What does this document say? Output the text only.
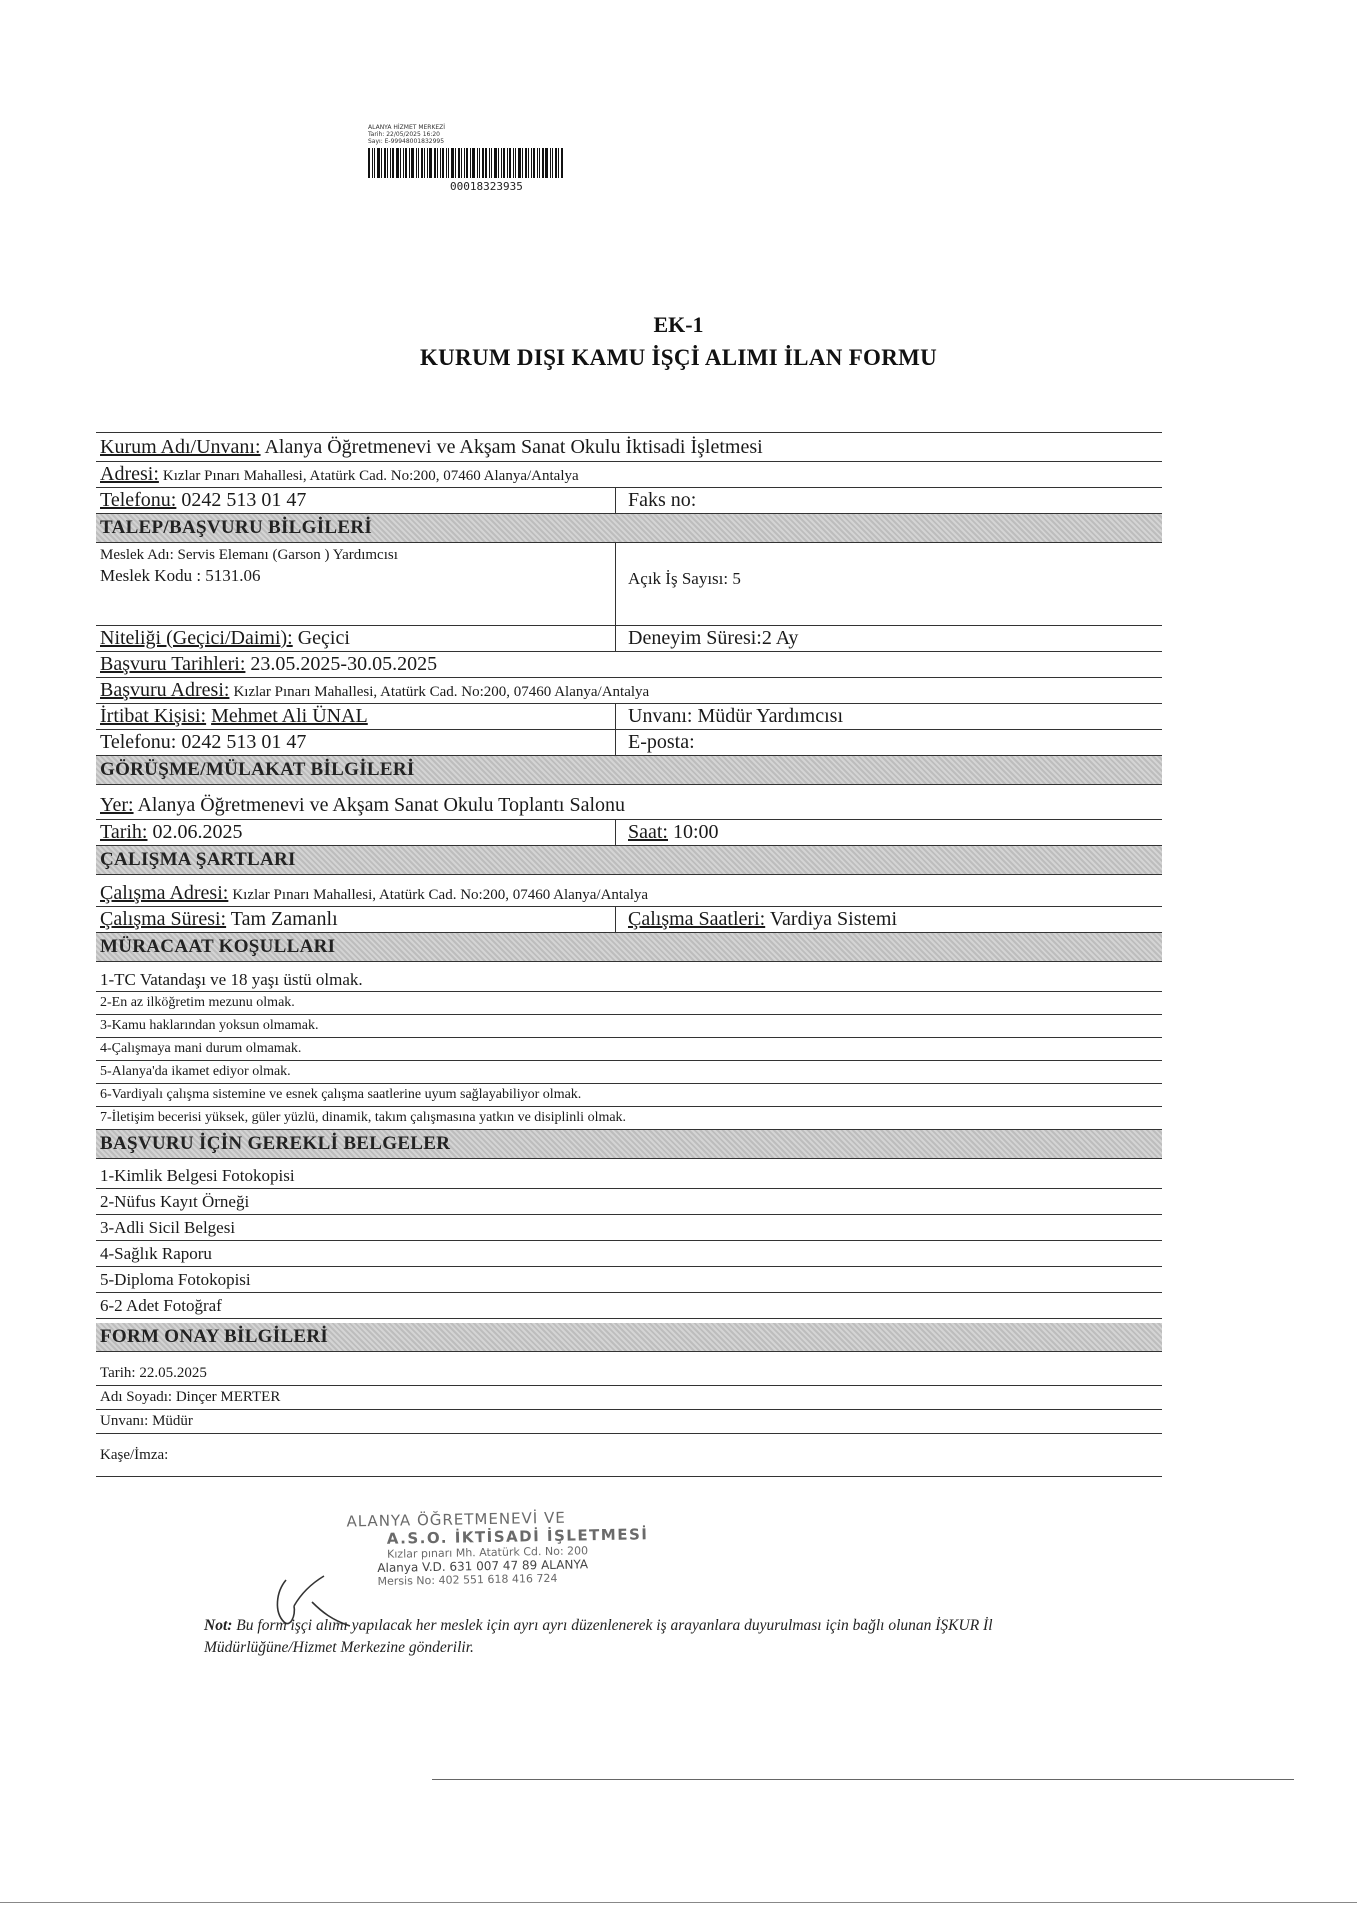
ALANYA HİZMET MERKEZİ
Tarih: 22/05/2025 16:20
Sayı: E-99948001832995
00018323935
EK-1
KURUM DIŞI KAMU İŞÇİ ALIMI İLAN FORMU
Kurum Adı/Unvanı: Alanya Öğretmenevi ve Akşam Sanat Okulu İktisadi İşletmesi
Adresi: Kızlar Pınarı Mahallesi, Atatürk Cad. No:200, 07460 Alanya/Antalya
Telefonu: 0242 513 01 47	Faks no:
TALEP/BAŞVURU BİLGİLERİ
Meslek Adı: Servis Elemanı (Garson ) Yardımcısı
Meslek Kodu : 5131.06	Açık İş Sayısı: 5
Niteliği (Geçici/Daimi): Geçici	Deneyim Süresi:2 Ay
Başvuru Tarihleri: 23.05.2025-30.05.2025
Başvuru Adresi: Kızlar Pınarı Mahallesi, Atatürk Cad. No:200, 07460 Alanya/Antalya
İrtibat Kişisi: Mehmet Ali ÜNAL	Unvanı: Müdür Yardımcısı
Telefonu: 0242 513 01 47	E-posta:
GÖRÜŞME/MÜLAKAT BİLGİLERİ
Yer: Alanya Öğretmenevi ve Akşam Sanat Okulu Toplantı Salonu
Tarih: 02.06.2025	Saat: 10:00
ÇALIŞMA ŞARTLARI
Çalışma Adresi: Kızlar Pınarı Mahallesi, Atatürk Cad. No:200, 07460 Alanya/Antalya
Çalışma Süresi: Tam Zamanlı	Çalışma Saatleri: Vardiya Sistemi
MÜRACAAT KOŞULLARI
1-TC Vatandaşı ve 18 yaşı üstü olmak.
2-En az ilköğretim mezunu olmak.
3-Kamu haklarından yoksun olmamak.
4-Çalışmaya mani durum olmamak.
5-Alanya'da ikamet ediyor olmak.
6-Vardiyalı çalışma sistemine ve esnek çalışma saatlerine uyum sağlayabiliyor olmak.
7-İletişim becerisi yüksek, güler yüzlü, dinamik, takım çalışmasına yatkın ve disiplinli olmak.
BAŞVURU İÇİN GEREKLİ BELGELER
1-Kimlik Belgesi Fotokopisi
2-Nüfus Kayıt Örneği
3-Adli Sicil Belgesi
4-Sağlık Raporu
5-Diploma Fotokopisi
6-2 Adet Fotoğraf
FORM ONAY BİLGİLERİ
Tarih: 22.05.2025
Adı Soyadı: Dinçer MERTER
Unvanı: Müdür
Kaşe/İmza:
ALANYA ÖĞRETMENEVİ VE
A.S.O. İKTİSADİ İŞLETMESİ
Kızlar pınarı Mh. Atatürk Cd. No: 200
Alanya V.D. 631 007 47 89 ALANYA
Mersis No: 402 551 618 416 724
Not: Bu form işçi alımı yapılacak her meslek için ayrı ayrı düzenlenerek iş arayanlara duyurulması için bağlı olunan İŞKUR İl Müdürlüğüne/Hizmet Merkezine gönderilir.
